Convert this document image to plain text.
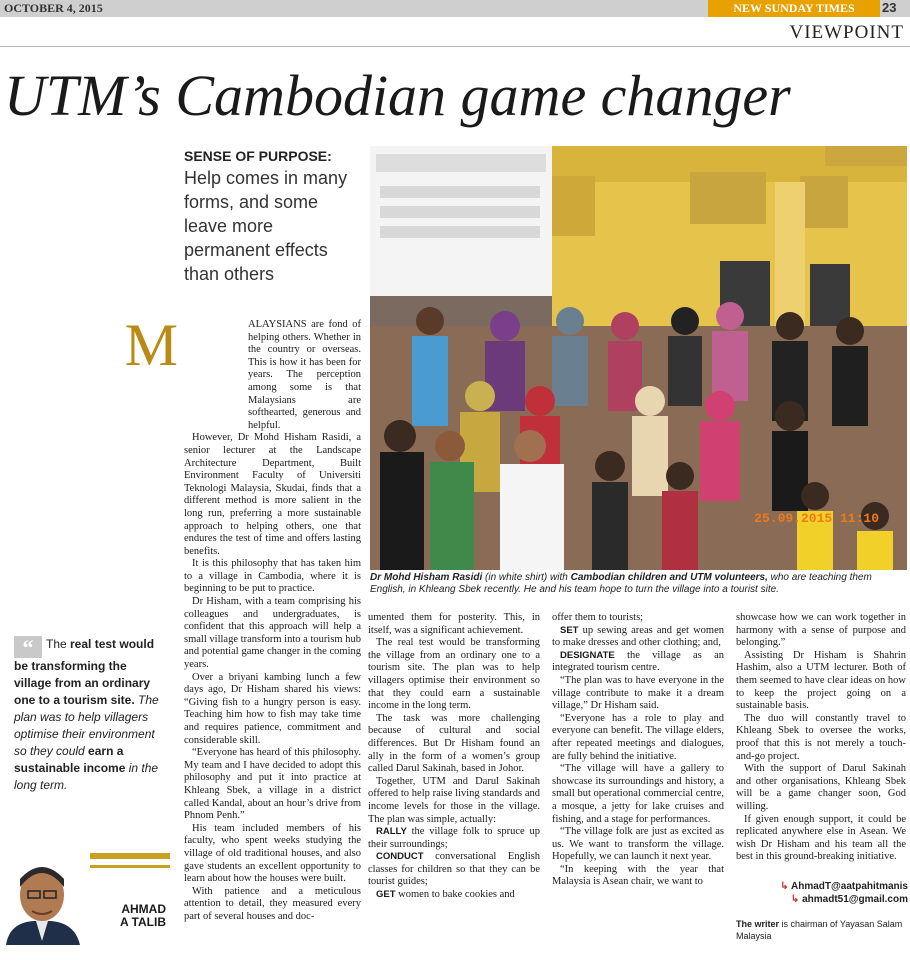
OCTOBER 4, 2015	NEW SUNDAY TIMES	23
VIEWPOINT
UTM’s Cambodian game changer
SENSE OF PURPOSE:
Help comes in many forms, and some leave more permanent effects than others
25.09.2015 11:10
Dr Mohd Hisham Rasidi (in white shirt) with Cambodian children and UTM volunteers, who are teaching them English, in Khleang Sbek recently. He and his team hope to turn the village into a tourist site.
M	ALAYSIANS are fond of helping others. Whether in the country or overseas. This is how it has been for years. The perception among some is that Malaysians are softhearted, generous and helpful.

However, Dr Mohd Hisham Rasidi, a senior lecturer at the Landscape Architecture Department, Built Environment Faculty of Universiti Teknologi Malaysia, Skudai, finds that a different method is more salient in the long run, preferring a more sustainable approach to helping others, one that endures the test of time and offers lasting benefits.

It is this philosophy that has taken him to a village in Cambodia, where it is beginning to be put to practice.

Dr Hisham, with a team comprising his colleagues and undergraduates, is confident that this approach will help a small village transform into a tourism hub and potential game changer in the coming years.

Over a briyani kambing lunch a few days ago, Dr Hisham shared his views: “Giving fish to a hungry person is easy. Teaching him how to fish may take time and requires patience, commitment and considerable skill.

“Everyone has heard of this philosophy. My team and I have decided to adopt this philosophy and put it into practice at Khleang Sbek, a village in a district called Kandal, about an hour’s drive from Phnom Penh.”

His team included members of his faculty, who spent weeks studying the village of old traditional houses, and also gave students an excellent opportunity to learn about how the houses were built.

With patience and a meticulous attention to detail, they measured every part of several houses and doc-

umented them for posterity. This, in itself, was a significant achievement.

The real test would be transforming the village from an ordinary one to a tourism site. The plan was to help villagers optimise their environment so that they could earn a sustainable income in the long term.

The task was more challenging because of cultural and social differences. But Dr Hisham found an ally in the form of a women’s group called Darul Sakinah, based in Johor.

Together, UTM and Darul Sakinah offered to help raise living standards and income levels for those in the village. The plan was simple, actually:

RALLY the village folk to spruce up their surroundings;

CONDUCT conversational English classes for children so that they can be tourist guides;

GET women to bake cookies and

offer them to tourists;

SET up sewing areas and get women to make dresses and other clothing; and,

DESIGNATE the village as an integrated tourism centre.

“The plan was to have everyone in the village contribute to make it a dream village,” Dr Hisham said.

“Everyone has a role to play and everyone can benefit. The village elders, after repeated meetings and dialogues, are fully behind the initiative.

“The village will have a gallery to showcase its surroundings and history, a small but operational commercial centre, a mosque, a jetty for lake cruises and fishing, and a stage for performances.

“The village folk are just as excited as us. We want to transform the village. Hopefully, we can launch it next year.

“In keeping with the year that Malaysia is Asean chair, we want to

showcase how we can work together in harmony with a sense of purpose and belonging.”

Assisting Dr Hisham is Shahrin Hashim, also a UTM lecturer. Both of them seemed to have clear ideas on how to keep the project going on a sustainable basis.

The duo will constantly travel to Khleang Sbek to oversee the works, proof that this is not merely a touch-and-go project.

With the support of Darul Sakinah and other organisations, Khleang Sbek will be a game changer soon, God willing.

If given enough support, it could be replicated anywhere else in Asean. We wish Dr Hisham and his team all the best in this ground-breaking initiative.

↳ AhmadT@aatpahitmanis
↳ ahmadt51@gmail.com
The writer is chairman of Yayasan Salam Malaysia
“ The real test would be transforming the village from an ordinary one to a tourism site. The plan was to help villagers optimise their environment so they could earn a sustainable income in the long term.
AHMAD
A TALIB
